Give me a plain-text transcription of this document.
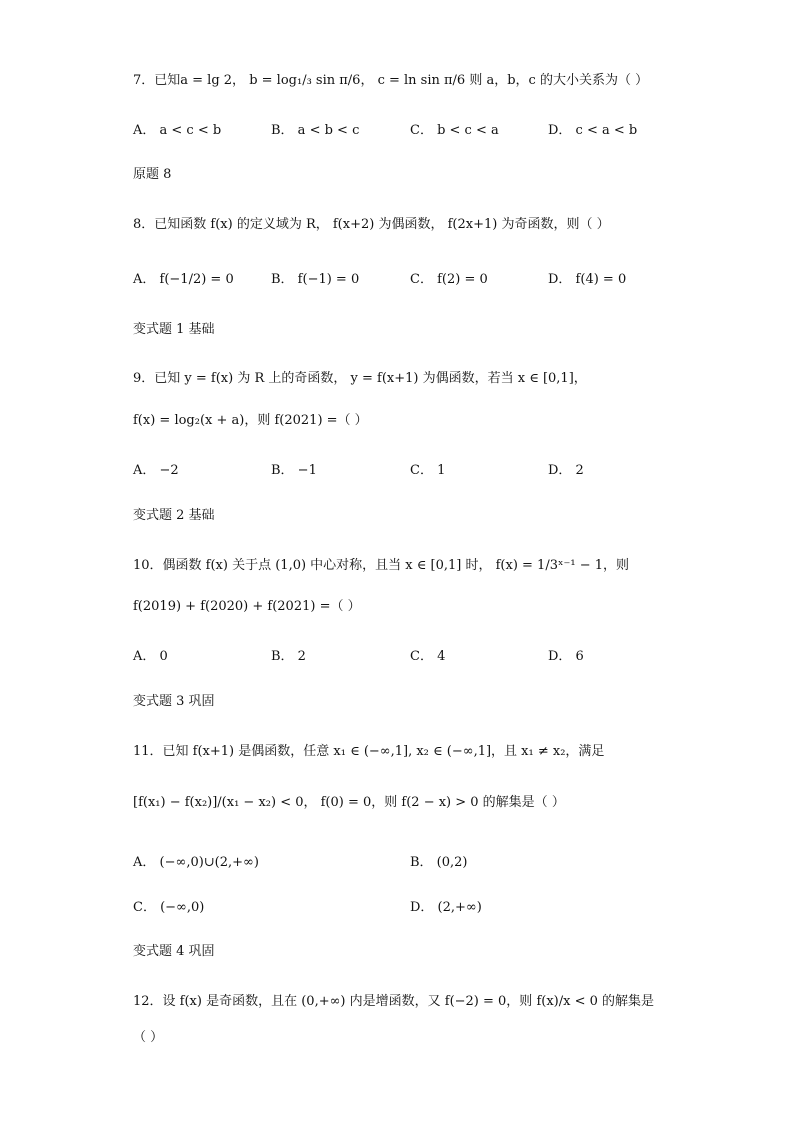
7．已知a = lg 2， b = log₁/₃ sin π/6， c = ln sin π/6 则 a，b，c 的大小关系为（ ）
A． a < c < b	B． a < b < c	C． b < c < a	D． c < a < b
原题 8
8．已知函数 f(x) 的定义域为 R， f(x+2) 为偶函数， f(2x+1) 为奇函数，则（ ）
A． f(−1/2) = 0	B． f(−1) = 0	C． f(2) = 0	D． f(4) = 0
变式题 1 基础
9．已知 y = f(x) 为 R 上的奇函数， y = f(x+1) 为偶函数，若当 x ∈ [0,1]，
f(x) = log₂(x + a)，则 f(2021) =（ ）
A． −2	B． −1	C． 1	D． 2
变式题 2 基础
10．偶函数 f(x) 关于点 (1,0) 中心对称，且当 x ∈ [0,1] 时， f(x) = 1/3ˣ⁻¹ − 1，则
f(2019) + f(2020) + f(2021) =（ ）
A． 0	B． 2	C． 4	D． 6
变式题 3 巩固
11．已知 f(x+1) 是偶函数，任意 x₁ ∈ (−∞,1], x₂ ∈ (−∞,1]，且 x₁ ≠ x₂，满足
[f(x₁) − f(x₂)]/(x₁ − x₂) < 0， f(0) = 0，则 f(2 − x) > 0 的解集是（ ）
A． (−∞,0)∪(2,+∞)	B． (0,2)
C． (−∞,0)	D． (2,+∞)
变式题 4 巩固
12．设 f(x) 是奇函数，且在 (0,+∞) 内是增函数，又 f(−2) = 0，则 f(x)/x < 0 的解集是
（ ）
